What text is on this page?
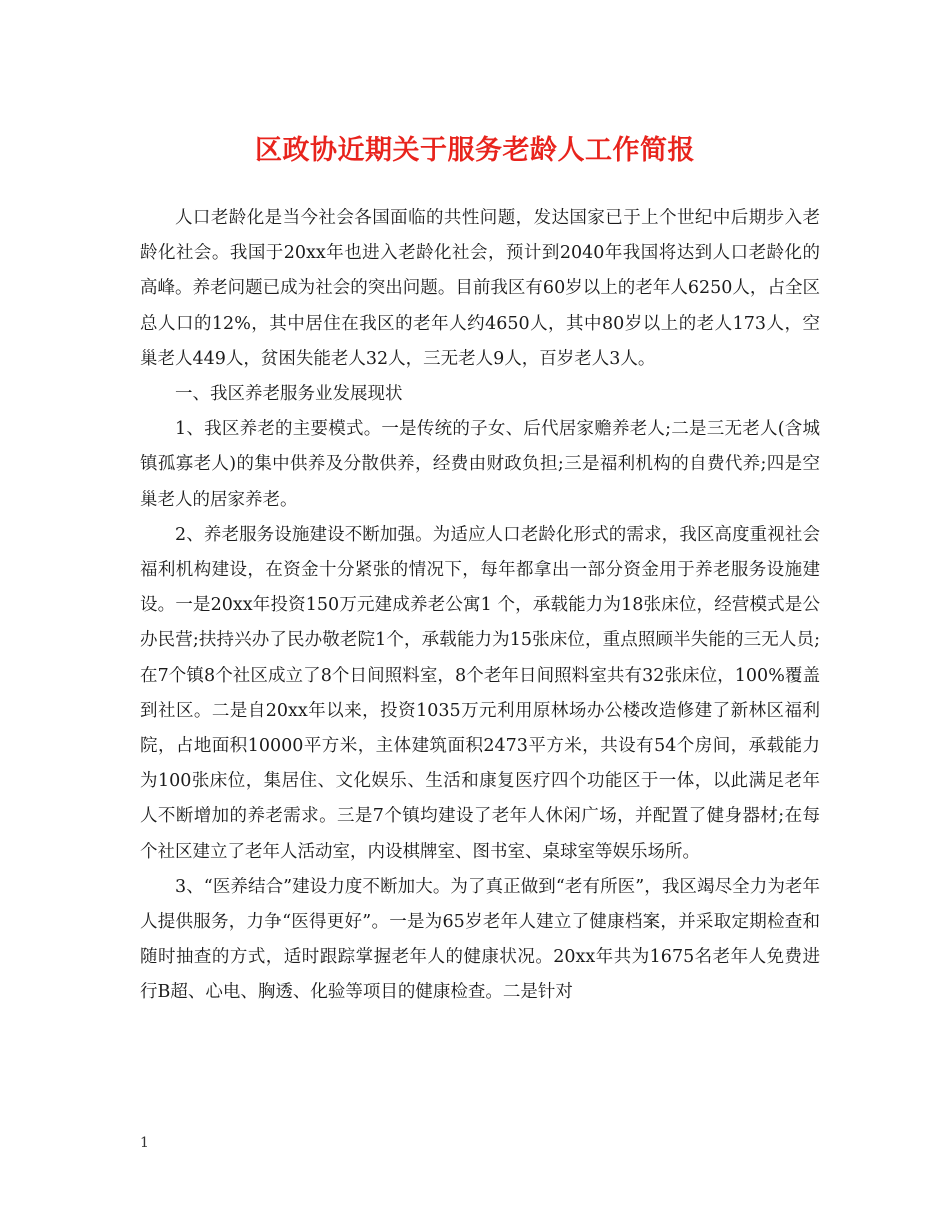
区政协近期关于服务老龄人工作简报

人口老龄化是当今社会各国面临的共性问题，发达国家已于上个世纪中后期步入老龄化社会。我国于20xx年也进入老龄化社会，预计到2040年我国将达到人口老龄化的高峰。养老问题已成为社会的突出问题。目前我区有60岁以上的老年人6250人，占全区总人口的12%，其中居住在我区的老年人约4650人，其中80岁以上的老人173人，空巢老人449人，贫困失能老人32人，三无老人9人，百岁老人3人。

一、我区养老服务业发展现状

1、我区养老的主要模式。一是传统的子女、后代居家赡养老人;二是三无老人(含城镇孤寡老人)的集中供养及分散供养，经费由财政负担;三是福利机构的自费代养;四是空巢老人的居家养老。

2、养老服务设施建设不断加强。为适应人口老龄化形式的需求，我区高度重视社会福利机构建设，在资金十分紧张的情况下，每年都拿出一部分资金用于养老服务设施建设。一是20xx年投资150万元建成养老公寓1 个，承载能力为18张床位，经营模式是公办民营;扶持兴办了民办敬老院1个，承载能力为15张床位，重点照顾半失能的三无人员;在7个镇8个社区成立了8个日间照料室，8个老年日间照料室共有32张床位，100%覆盖到社区。二是自20xx年以来，投资1035万元利用原林场办公楼改造修建了新林区福利院，占地面积10000平方米，主体建筑面积2473平方米，共设有54个房间，承载能力为100张床位，集居住、文化娱乐、生活和康复医疗四个功能区于一体，以此满足老年人不断增加的养老需求。三是7个镇均建设了老年人休闲广场，并配置了健身器材;在每个社区建立了老年人活动室，内设棋牌室、图书室、桌球室等娱乐场所。

3、“医养结合”建设力度不断加大。为了真正做到“老有所医”，我区竭尽全力为老年人提供服务，力争“医得更好”。一是为65岁老年人建立了健康档案，并采取定期检查和随时抽查的方式，适时跟踪掌握老年人的健康状况。20xx年共为1675名老年人免费进行B超、心电、胸透、化验等项目的健康检查。二是针对

1
